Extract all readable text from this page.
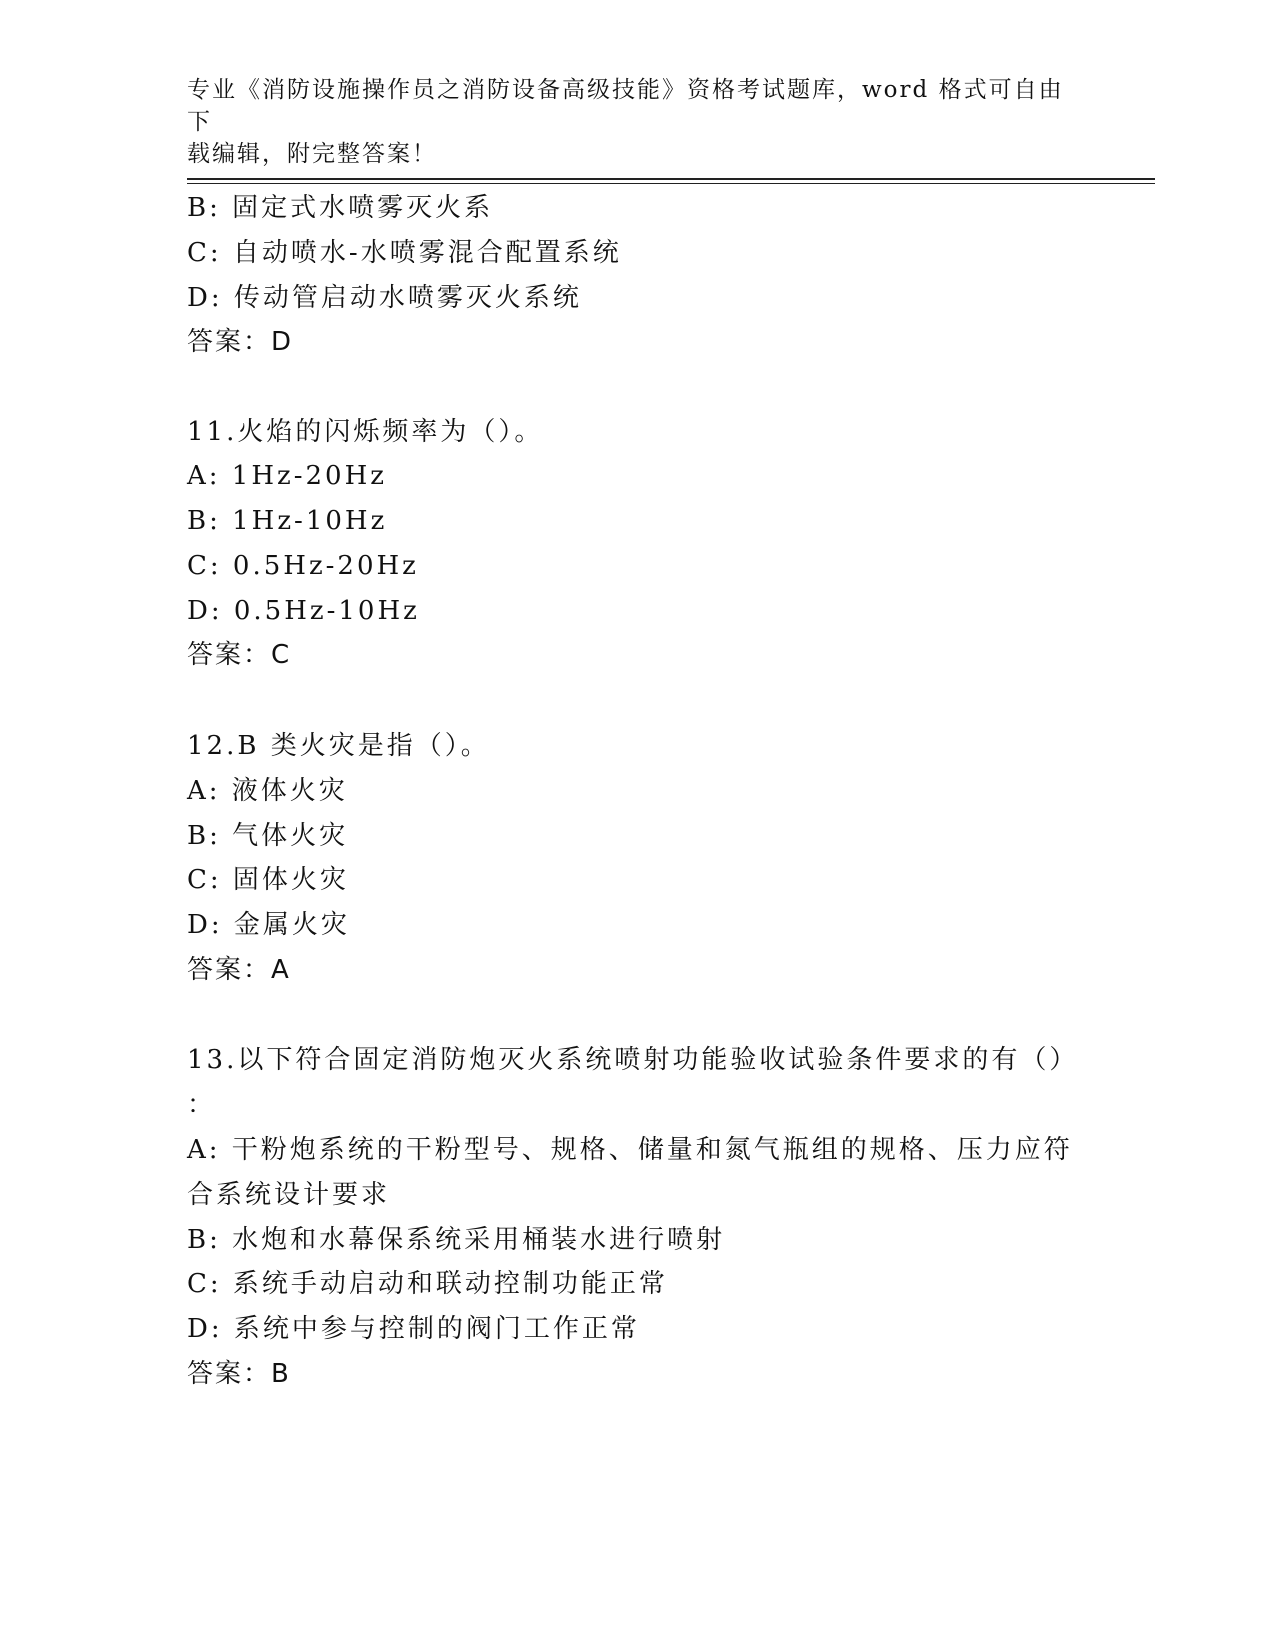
专业《消防设施操作员之消防设备高级技能》资格考试题库，word 格式可自由下
载编辑，附完整答案！
B: 固定式水喷雾灭火系
C: 自动喷水-水喷雾混合配置系统
D: 传动管启动水喷雾灭火系统
答案：D
11.火焰的闪烁频率为（）。
A: 1Hz-20Hz
B: 1Hz-10Hz
C: 0.5Hz-20Hz
D: 0.5Hz-10Hz
答案：C
12.B 类火灾是指（）。
A: 液体火灾
B: 气体火灾
C: 固体火灾
D: 金属火灾
答案：A
13.以下符合固定消防炮灭火系统喷射功能验收试验条件要求的有（）
：
A: 干粉炮系统的干粉型号、规格、储量和氮气瓶组的规格、压力应符
合系统设计要求
B: 水炮和水幕保系统采用桶装水进行喷射
C: 系统手动启动和联动控制功能正常
D: 系统中参与控制的阀门工作正常
答案：B
